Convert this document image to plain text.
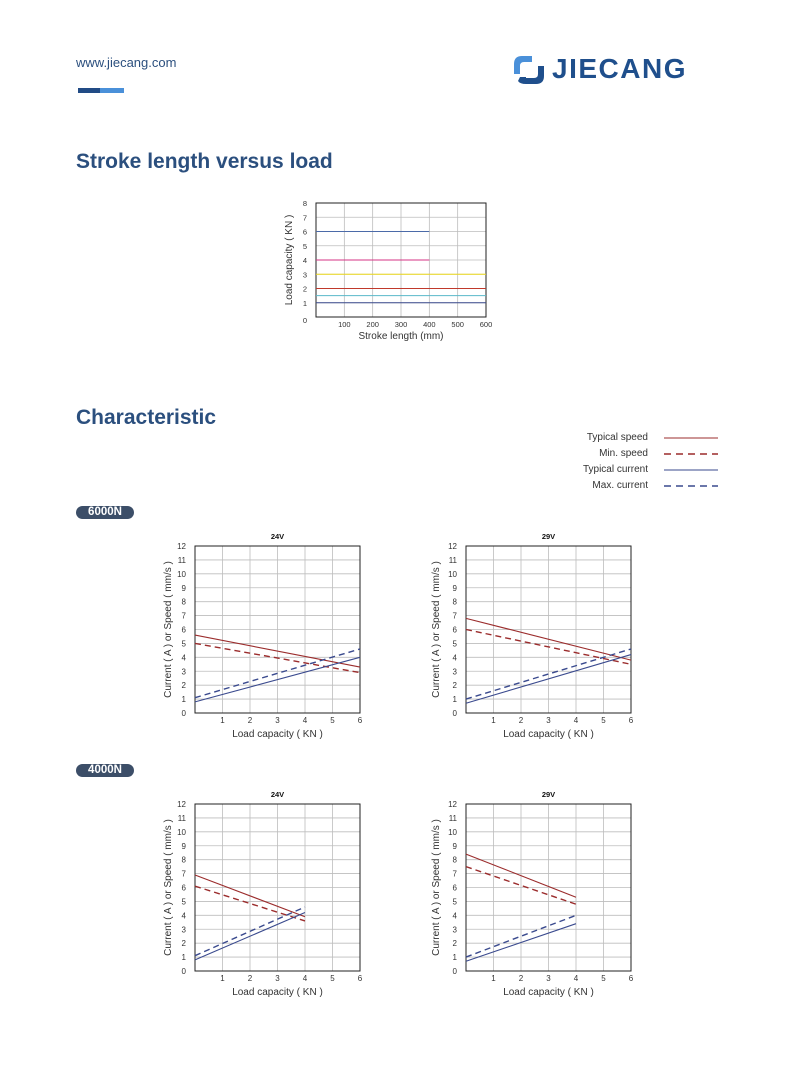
www.jiecang.com	JIECANG
Stroke length versus load
Characteristic
Typical speed
Min. speed
Typical current
Max. current
6000N
4000N
100 200 300 400 500 600
0
1
2
3
4
5
6
7
8
Stroke length (mm)
Load capacity ( KN )
1	2	3	4	5	6
0
1
2
3
4
5
6
7
8
9
10
11
12
24V
Load capacity ( KN )
Current ( A ) or Speed ( mm/s )
1	2	3	4	5	6
0
1
2
3
4
5
6
7
8
9
10
11
12
29V
Load capacity ( KN )
Current ( A ) or Speed ( mm/s )
1	2	3	4	5	6
0
1
2
3
4
5
6
7
8
9
10
11
12
24V
Load capacity ( KN )
Current ( A ) or Speed ( mm/s )
1	2	3	4	5	6
0
1
2
3
4
5
6
7
8
9
10
11
12
29V
Load capacity ( KN )
Current ( A ) or Speed ( mm/s )
